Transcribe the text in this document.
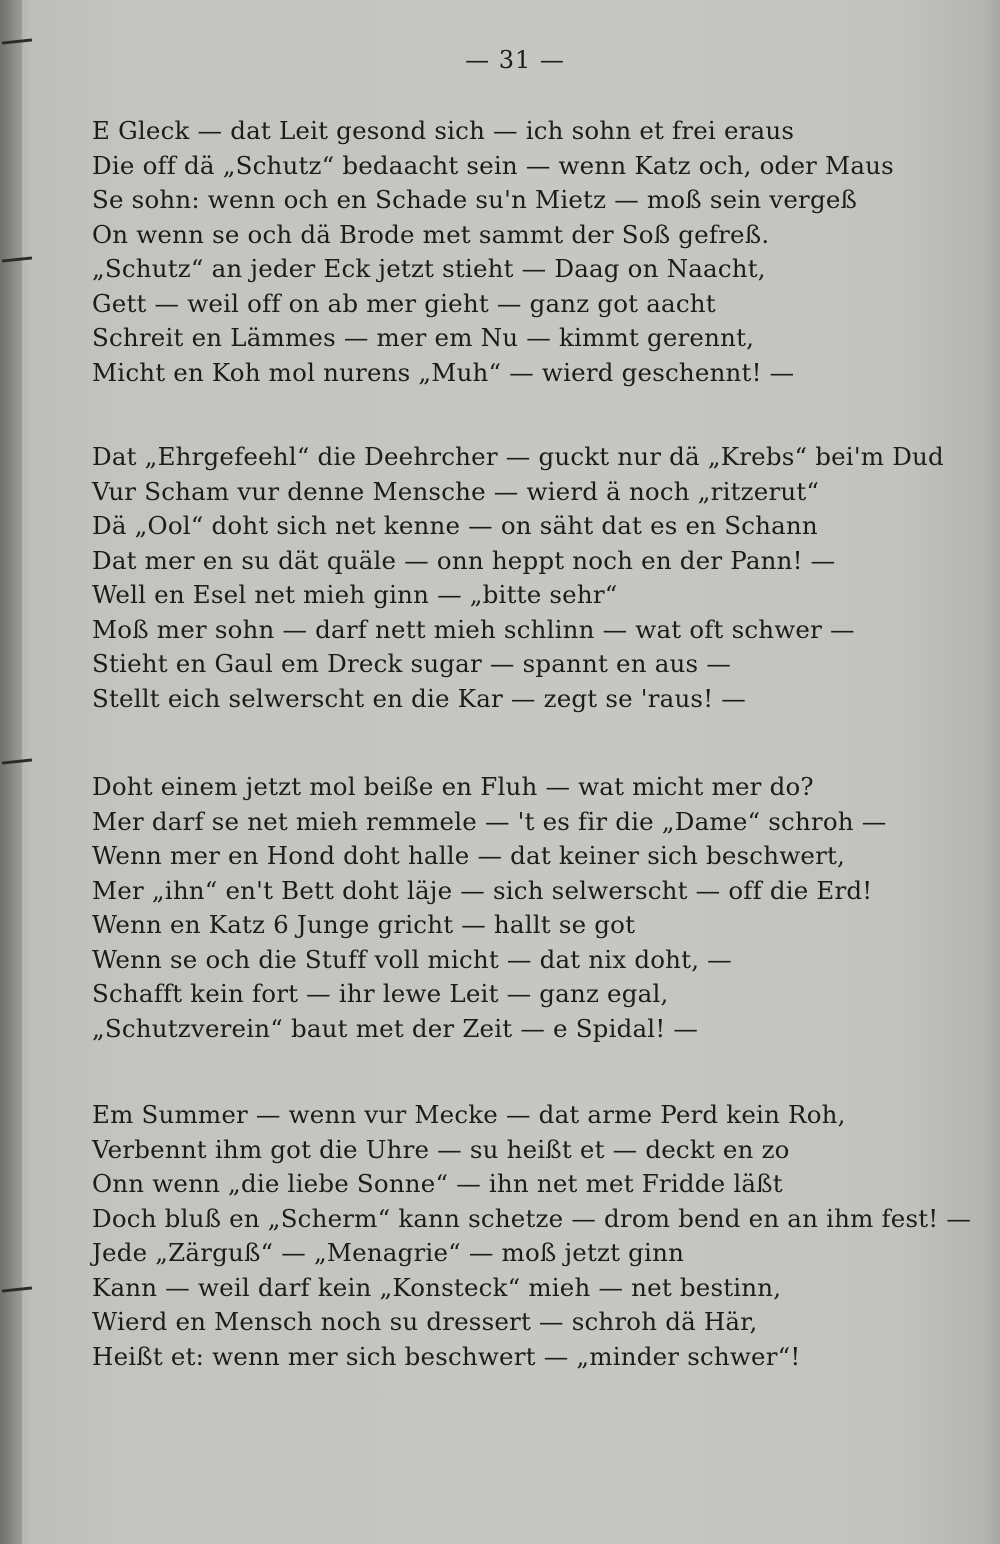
— 31 —
E Gleck — dat Leit gesond sich — ich sohn et frei eraus
Die off dä „Schutz“ bedaacht sein — wenn Katz och, oder Maus
Se sohn: wenn och en Schade su'n Mietz — moß sein vergeß
On wenn se och dä Brode met sammt der Soß gefreß.
„Schutz“ an jeder Eck jetzt stieht — Daag on Naacht,
Gett — weil off on ab mer gieht — ganz got aacht
Schreit en Lämmes — mer em Nu — kimmt gerennt,
Micht en Koh mol nurens „Muh“ — wierd geschennt! —
Dat „Ehrgefeehl“ die Deehrcher — guckt nur dä „Krebs“ bei'm Dud
Vur Scham vur denne Mensche — wierd ä noch „ritzerut“
Dä „Ool“ doht sich net kenne — on säht dat es en Schann
Dat mer en su dät quäle — onn heppt noch en der Pann! —
Well en Esel net mieh ginn — „bitte sehr“
Moß mer sohn — darf nett mieh schlinn — wat oft schwer —
Stieht en Gaul em Dreck sugar — spannt en aus —
Stellt eich selwerscht en die Kar — zegt se 'raus! —
Doht einem jetzt mol beiße en Fluh — wat micht mer do?
Mer darf se net mieh remmele — 't es fir die „Dame“ schroh —
Wenn mer en Hond doht halle — dat keiner sich beschwert,
Mer „ihn“ en't Bett doht läje — sich selwerscht — off die Erd!
Wenn en Katz 6 Junge gricht — hallt se got
Wenn se och die Stuff voll micht — dat nix doht, —
Schafft kein fort — ihr lewe Leit — ganz egal,
„Schutzverein“ baut met der Zeit — e Spidal! —
Em Summer — wenn vur Mecke — dat arme Perd kein Roh,
Verbennt ihm got die Uhre — su heißt et — deckt en zo
Onn wenn „die liebe Sonne“ — ihn net met Fridde läßt
Doch bluß en „Scherm“ kann schetze — drom bend en an ihm fest! —
Jede „Zärguß“ — „Menagrie“ — moß jetzt ginn
Kann — weil darf kein „Konsteck“ mieh — net bestinn,
Wierd en Mensch noch su dressert — schroh dä Här,
Heißt et: wenn mer sich beschwert — „minder schwer“!
